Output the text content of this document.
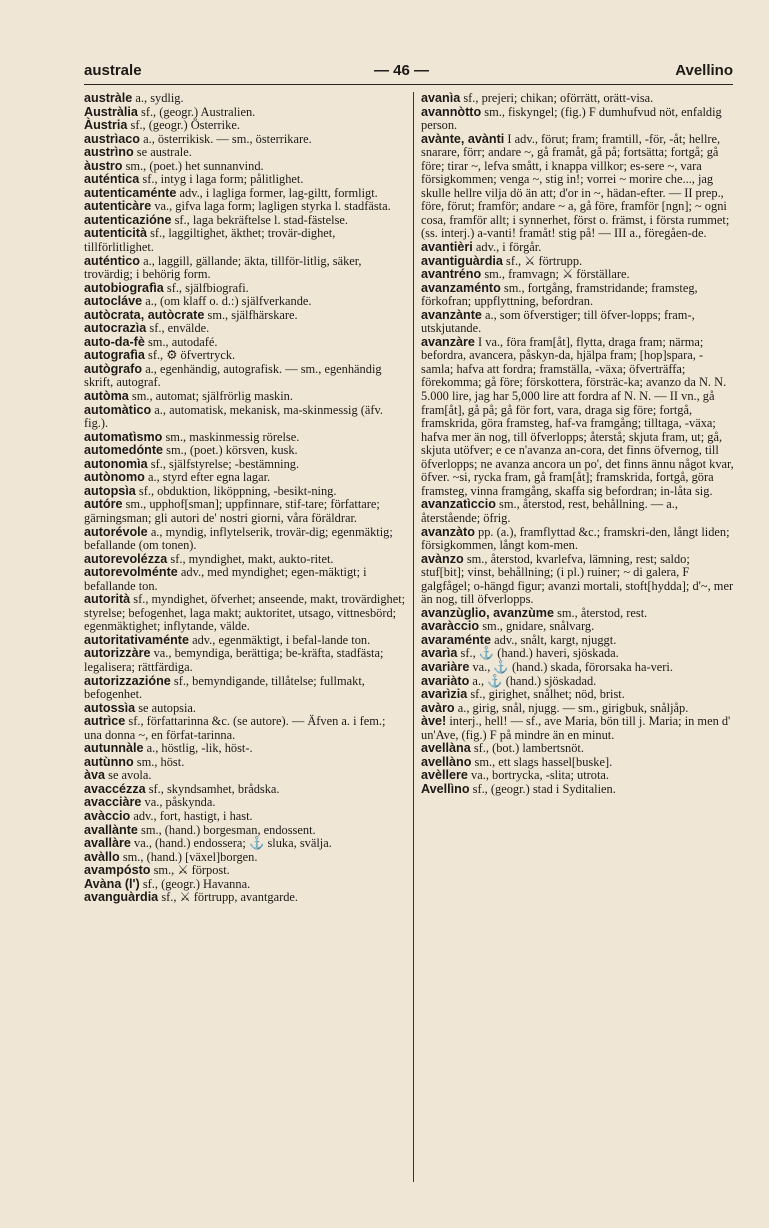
australe	— 46 —	Avellino

austràle a., sydlig.

Austràlia sf., (geogr.) Australien.

Àustria sf., (geogr.) Österrike.

austrìaco a., österrikisk. — sm., österrikare.

austrìno se australe.

àustro sm., (poet.) het sunnanvind.

auténtica sf., intyg i laga form; pålitlighet.

autenticaménte adv., i lagliga former, lag-giltt, formligt.

autenticàre va., gifva laga form; lagligen styrka l. stadfästa.

autenticazióne sf., laga bekräftelse l. stad-fästelse.

autenticità sf., laggiltighet, äkthet; trovär-dighet, tillförlitlighet.

auténtico a., laggill, gällande; äkta, tillför-litlig, säker, trovärdig; i behörig form.

autobiografìa sf., själfbiografi.

autocláve a., (om klaff o. d.:) själfverkande.

autòcrata, autòcrate sm., själfhärskare.

autocrazìa sf., envälde.

auto-da-fè sm., autodafé.

autografìa sf., ⚙ öfvertryck.

autògrafo a., egenhändig, autografisk. — sm., egenhändig skrift, autograf.

autòma sm., automat; själfrörlig maskin.

automàtico a., automatisk, mekanisk, ma-skinmessig (äfv. fig.).

automatìsmo sm., maskinmessig rörelse.

automedónte sm., (poet.) körsven, kusk.

autonomìa sf., själfstyrelse; -bestämning.

autònomo a., styrd efter egna lagar.

autopsìa sf., obduktion, liköppning, -besikt-ning.

autóre sm., upphof[sman]; uppfinnare, stif-tare; författare; gärningsman; gli autori de' nostri giorni, våra föräldrar.

autorévole a., myndig, inflytelserik, trovär-dig; egenmäktig; befallande (om tonen).

autorevolézza sf., myndighet, makt, aukto-ritet.

autorevolménte adv., med myndighet; egen-mäktigt; i befallande ton.

autorità sf., myndighet, öfverhet; anseende, makt, trovärdighet; styrelse; befogenhet, laga makt; auktoritet, utsago, vittnesbörd; egenmäktighet; inflytande, välde.

autoritativaménte adv., egenmäktigt, i befal-lande ton.

autorizzàre va., bemyndiga, berättiga; be-kräfta, stadfästa; legalisera; rättfärdiga.

autorizzazióne sf., bemyndigande, tillåtelse; fullmakt, befogenhet.

autossìa se autopsia.

autrìce sf., författarinna &c. (se autore). — Äfven a. i fem.; una donna ~, en förfat-tarinna.

autunnàle a., höstlig, -lik, höst-.

autùnno sm., höst.

àva se avola.

avaccézza sf., skyndsamhet, brådska.

avacciàre va., påskynda.

avàccio adv., fort, hastigt, i hast.

avallànte sm., (hand.) borgesman, endossent.

avallàre va., (hand.) endossera; ⚓ sluka, svälja.

avàllo sm., (hand.) [växel]borgen.

avampósto sm., ⚔ förpost.

Avàna (l') sf., (geogr.) Havanna.

avanguàrdia sf., ⚔ förtrupp, avantgarde.

avanìa sf., prejeri; chikan; oförrätt, orätt-visa.

avannòtto sm., fiskyngel; (fig.) F dumhufvud nöt, enfaldig person.

avànte, avànti I adv., förut; fram; framtill, -för, -åt; hellre, snarare, förr; andare ~, gå framåt, gå på; fortsätta; fortgå; gå före; tirar ~, lefva smått, i knappa villkor; es-sere ~, vara försigkommen; venga ~, stig in!; vorrei ~ morire che..., jag skulle hellre vilja dö än att; d'or in ~, hädan-efter. — II prep., före, förut; framför; andare ~ a, gå före, framför [ngn]; ~ ogni cosa, framför allt; i synnerhet, först o. främst, i första rummet; (ss. interj.) a-vanti! framåt! stig på! — III a., föregåen-de.

avantièri adv., i förgår.

avantiguàrdia sf., ⚔ förtrupp.

avantréno sm., framvagn; ⚔ förställare.

avanzaménto sm., fortgång, framstridande; framsteg, förkofran; uppflyttning, befordran.

avanzànte a., som öfverstiger; till öfver-lopps; fram-, utskjutande.

avanzàre I va., föra fram[åt], flytta, draga fram; närma; befordra, avancera, påskyn-da, hjälpa fram; [hop]spara, -samla; hafva att fordra; framställa, -växa; öfverträffa; förekomma; gå före; förskottera, försträc-ka; avanzo da N. N. 5.000 lire, jag har 5,000 lire att fordra af N. N. — II vn., gå fram[åt], gå på; gå för fort, vara, draga sig före; fortgå, framskrida, göra framsteg, haf-va framgång; tilltaga, -växa; hafva mer än nog, till öfverlopps; återstå; skjuta fram, ut; gå, skjuta utöfver; e ce n'avanza an-cora, det finns öfvernog, till öfverlopps; ne avanza ancora un po', det finns ännu något kvar, öfver. ~si, rycka fram, gå fram[åt]; framskrida, fortgå, göra framsteg, vinna framgång, skaffa sig befordran; in-låta sig.

avanzatìccio sm., återstod, rest, behållning. — a., återstående; öfrig.

avanzàto pp. (a.), framflyttad &c.; framskri-den, långt liden; försigkommen, långt kom-men.

avànzo sm., återstod, kvarlefva, lämning, rest; saldo; stuf[bit]; vinst, behållning; (i pl.) ruiner; ~ di galera, F galgfågel; o-hängd figur; avanzi mortali, stoft[hydda]; d'~, mer än nog, till öfverlopps.

avanzùglio, avanzùme sm., återstod, rest.

avaràccio sm., gnidare, snålvarg.

avaraménte adv., snålt, kargt, njuggt.

avarìa sf., ⚓ (hand.) haveri, sjöskada.

avariàre va., ⚓ (hand.) skada, förorsaka ha-veri.

avariàto a., ⚓ (hand.) sjöskadad.

avarìzia sf., girighet, snålhet; nöd, brist.

avàro a., girig, snål, njugg. — sm., girigbuk, snåljåp.

àve! interj., hell! — sf., ave Maria, bön till j. Maria; in men d' un'Ave, (fig.) F på mindre än en minut.

avellàna sf., (bot.) lambertsnöt.

avellàno sm., ett slags hassel[buske].

avèllere va., bortrycka, -slita; utrota.

Avellìno sf., (geogr.) stad i Syditalien.
